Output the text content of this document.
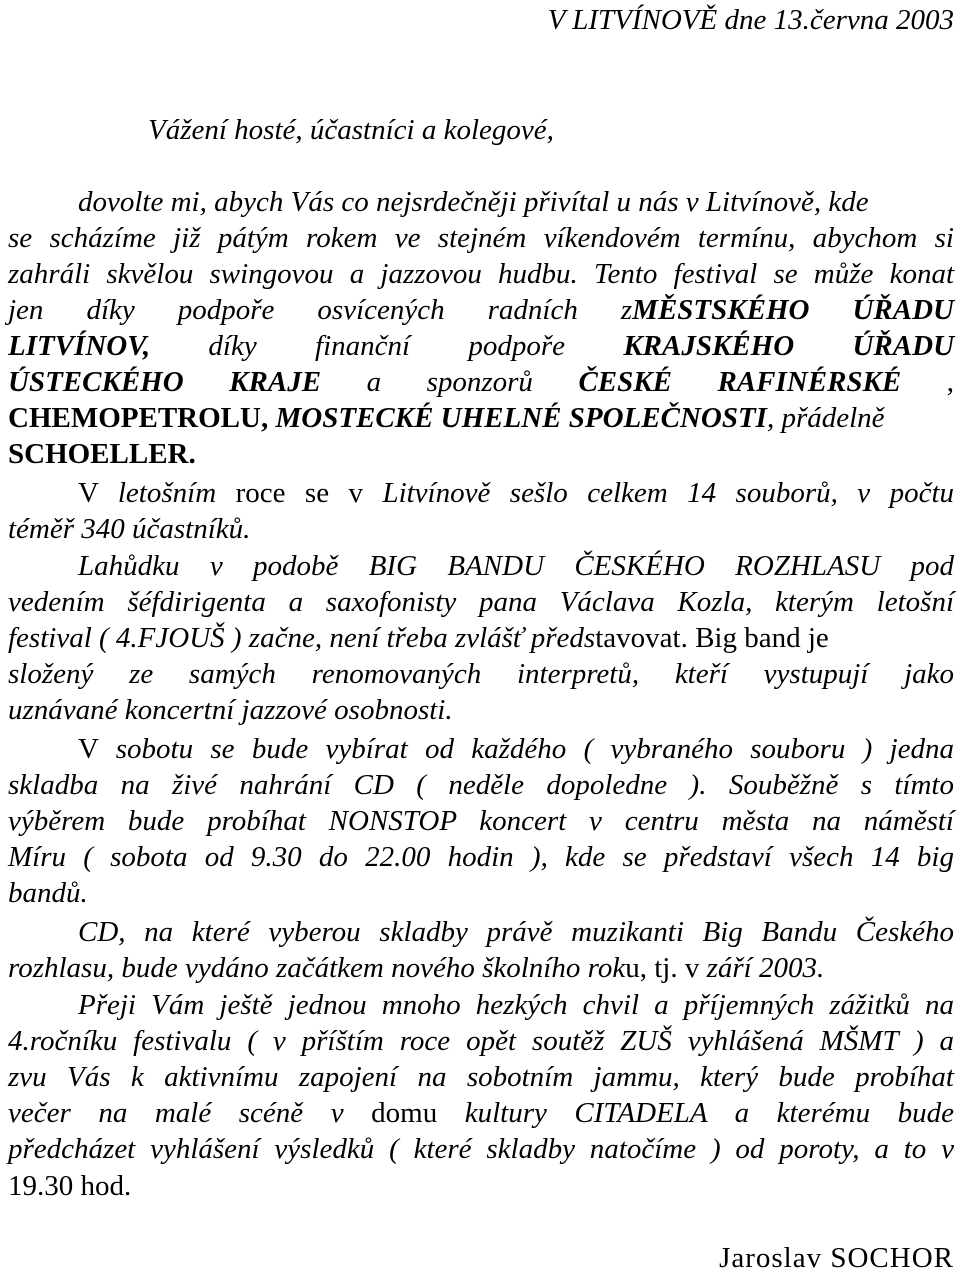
V LITVÍNOVĚ dne 13.června 2003
Vážení hosté, účastníci a kolegové,
dovolte mi, abych Vás co nejsrdečněji přivítal u nás v Litvínově, kde
se scházíme již pátým rokem ve stejném víkendovém termínu, abychom si
zahráli skvělou swingovou a jazzovou hudbu. Tento festival se může konat
jen díky podpoře osvícených radních zMĚSTSKÉHO ÚŘADU
LITVÍNOV, díky finanční podpoře KRAJSKÉHO ÚŘADU
ÚSTECKÉHO KRAJE a sponzorů ČESKÉ RAFINÉRSKÉ ,
CHEMOPETROLU, MOSTECKÉ UHELNÉ SPOLEČNOSTI, přádelně
SCHOELLER.
V letošním roce se v Litvínově sešlo celkem 14 souborů, v počtu
téměř 340 účastníků.
Lahůdku v podobě BIG BANDU ČESKÉHO ROZHLASU pod
vedením šéfdirigenta a saxofonisty pana Václava Kozla, kterým letošní
festival ( 4.FJOUŠ ) začne, není třeba zvlášť představovat. Big band je
složený ze samých renomovaných interpretů, kteří vystupují jako
uznávané koncertní jazzové osobnosti.
V sobotu se bude vybírat od každého ( vybraného souboru ) jedna
skladba na živé nahrání CD ( neděle dopoledne ). Souběžně s tímto
výběrem bude probíhat NONSTOP koncert v centru města na náměstí
Míru ( sobota od 9.30 do 22.00 hodin ), kde se představí všech 14 big
bandů.
CD, na které vyberou skladby právě muzikanti Big Bandu Českého
rozhlasu, bude vydáno začátkem nového školního roku, tj. v září 2003.
Přeji Vám ještě jednou mnoho hezkých chvil a příjemných zážitků na
4.ročníku festivalu ( v příštím roce opět soutěž ZUŠ vyhlášená MŠMT ) a
zvu Vás k aktivnímu zapojení na sobotním jammu, který bude probíhat
večer na malé scéně v domu kultury CITADELA a kterému bude
předcházet vyhlášení výsledků ( které skladby natočíme ) od poroty, a to v
19.30 hod.
Jaroslav SOCHOR
